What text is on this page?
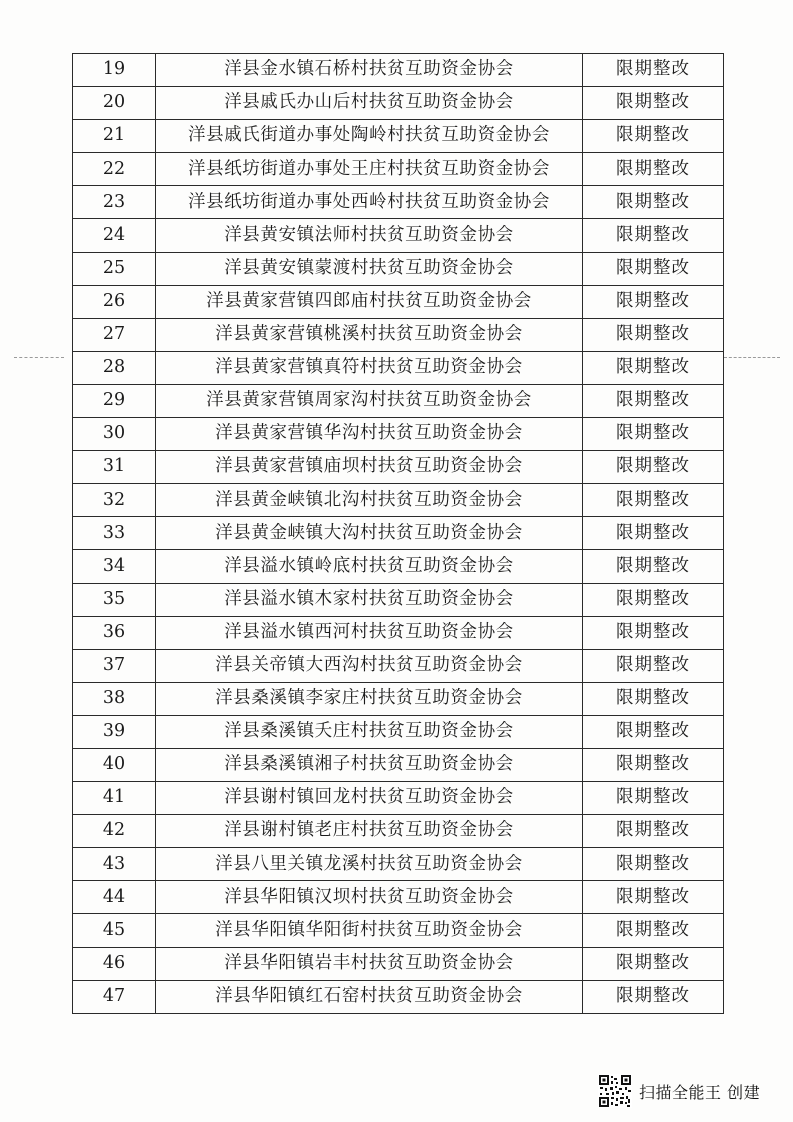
19	洋县金水镇石桥村扶贫互助资金协会	限期整改
20	洋县戚氏办山后村扶贫互助资金协会	限期整改
21	洋县戚氏街道办事处陶岭村扶贫互助资金协会	限期整改
22	洋县纸坊街道办事处王庄村扶贫互助资金协会	限期整改
23	洋县纸坊街道办事处西岭村扶贫互助资金协会	限期整改
24	洋县黄安镇法师村扶贫互助资金协会	限期整改
25	洋县黄安镇蒙渡村扶贫互助资金协会	限期整改
26	洋县黄家营镇四郎庙村扶贫互助资金协会	限期整改
27	洋县黄家营镇桃溪村扶贫互助资金协会	限期整改
28	洋县黄家营镇真符村扶贫互助资金协会	限期整改
29	洋县黄家营镇周家沟村扶贫互助资金协会	限期整改
30	洋县黄家营镇华沟村扶贫互助资金协会	限期整改
31	洋县黄家营镇庙坝村扶贫互助资金协会	限期整改
32	洋县黄金峡镇北沟村扶贫互助资金协会	限期整改
33	洋县黄金峡镇大沟村扶贫互助资金协会	限期整改
34	洋县溢水镇岭底村扶贫互助资金协会	限期整改
35	洋县溢水镇木家村扶贫互助资金协会	限期整改
36	洋县溢水镇西河村扶贫互助资金协会	限期整改
37	洋县关帝镇大西沟村扶贫互助资金协会	限期整改
38	洋县桑溪镇李家庄村扶贫互助资金协会	限期整改
39	洋县桑溪镇夭庄村扶贫互助资金协会	限期整改
40	洋县桑溪镇湘子村扶贫互助资金协会	限期整改
41	洋县谢村镇回龙村扶贫互助资金协会	限期整改
42	洋县谢村镇老庄村扶贫互助资金协会	限期整改
43	洋县八里关镇龙溪村扶贫互助资金协会	限期整改
44	洋县华阳镇汉坝村扶贫互助资金协会	限期整改
45	洋县华阳镇华阳街村扶贫互助资金协会	限期整改
46	洋县华阳镇岩丰村扶贫互助资金协会	限期整改
47	洋县华阳镇红石窑村扶贫互助资金协会	限期整改
扫描全能王 创建
